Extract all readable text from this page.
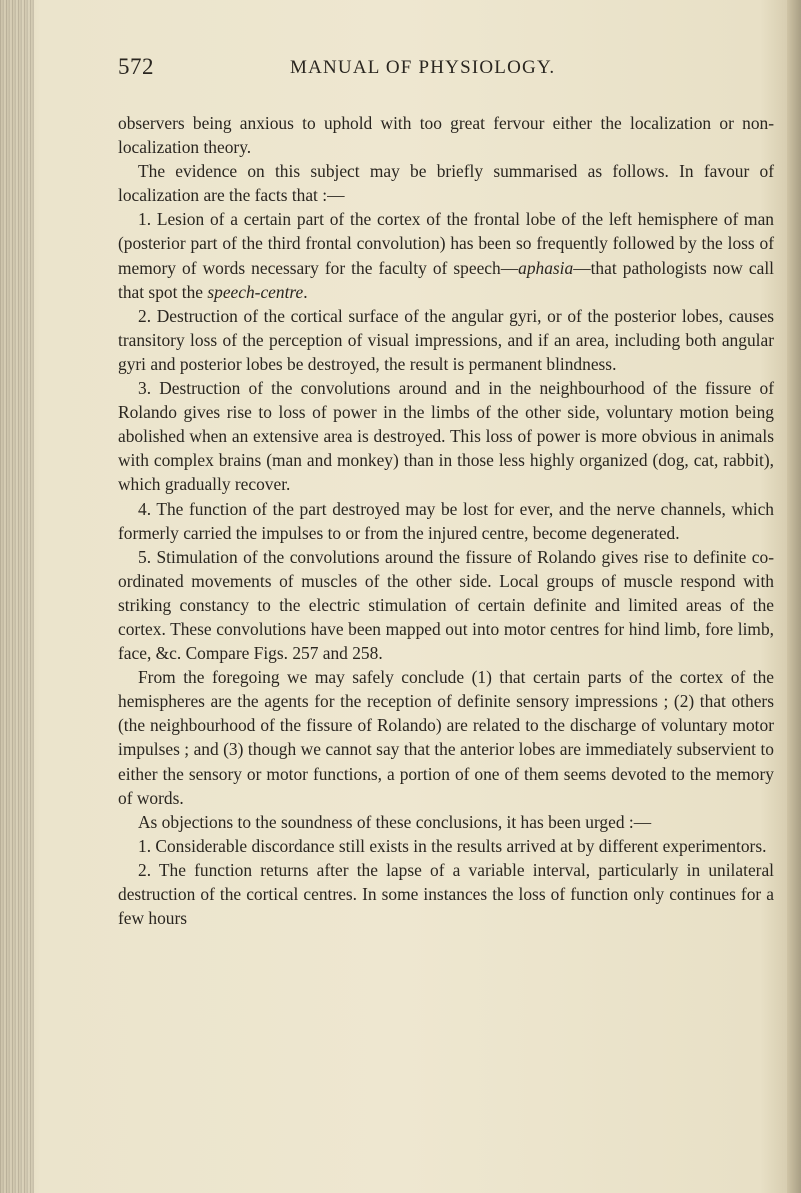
572	MANUAL OF PHYSIOLOGY.

observers being anxious to uphold with too great fervour either the localization or non-localization theory.

The evidence on this subject may be briefly summarised as follows. In favour of localization are the facts that :—

1. Lesion of a certain part of the cortex of the frontal lobe of the left hemisphere of man (posterior part of the third frontal convolution) has been so frequently followed by the loss of memory of words necessary for the faculty of speech—aphasia—that pathologists now call that spot the speech-centre.

2. Destruction of the cortical surface of the angular gyri, or of the posterior lobes, causes transitory loss of the perception of visual impressions, and if an area, including both angular gyri and posterior lobes be destroyed, the result is permanent blindness.

3. Destruction of the convolutions around and in the neighbourhood of the fissure of Rolando gives rise to loss of power in the limbs of the other side, voluntary motion being abolished when an extensive area is destroyed. This loss of power is more obvious in animals with complex brains (man and monkey) than in those less highly organized (dog, cat, rabbit), which gradually recover.

4. The function of the part destroyed may be lost for ever, and the nerve channels, which formerly carried the impulses to or from the injured centre, become degenerated.

5. Stimulation of the convolutions around the fissure of Rolando gives rise to definite co-ordinated movements of muscles of the other side. Local groups of muscle respond with striking constancy to the electric stimulation of certain definite and limited areas of the cortex. These convolutions have been mapped out into motor centres for hind limb, fore limb, face, &c. Compare Figs. 257 and 258.

From the foregoing we may safely conclude (1) that certain parts of the cortex of the hemispheres are the agents for the reception of definite sensory impressions ; (2) that others (the neighbourhood of the fissure of Rolando) are related to the discharge of voluntary motor impulses ; and (3) though we cannot say that the anterior lobes are immediately subservient to either the sensory or motor functions, a portion of one of them seems devoted to the memory of words.

As objections to the soundness of these conclusions, it has been urged :—

1. Considerable discordance still exists in the results arrived at by different experimentors.

2. The function returns after the lapse of a variable interval, particularly in unilateral destruction of the cortical centres. In some instances the loss of function only continues for a few hours
